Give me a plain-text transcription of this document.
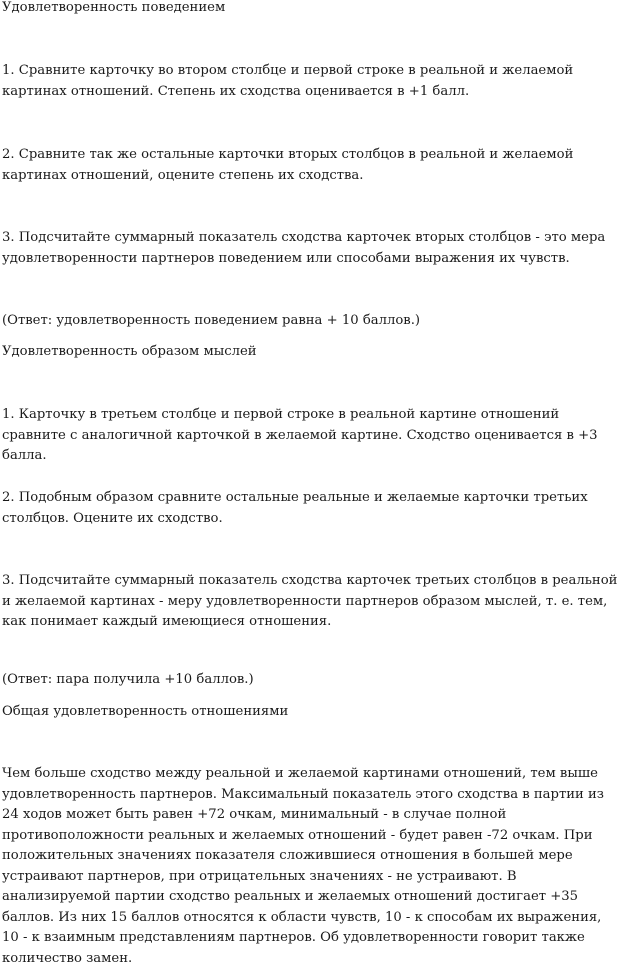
Удовлетворенность поведением

1. Сравните карточку во втором столбце и первой строке в реальной и желаемой картинах отношений. Степень их сходства оценивается в +1 балл.

2. Сравните так же остальные карточки вторых столбцов в реальной и желаемой картинах отношений, оцените степень их сходства.

3. Подсчитайте суммарный показатель сходства карточек вторых столбцов - это мера удовлетворенности партнеров поведением или способами выражения их чувств.

(Ответ: удовлетворенность поведением равна + 10 баллов.)

Удовлетворенность образом мыслей

1. Карточку в третьем столбце и первой строке в реальной картине отношений сравните с аналогичной карточкой в желаемой картине. Сходство оценивается в +3 балла.

2. Подобным образом сравните остальные реальные и желаемые карточки третьих столбцов. Оцените их сходство.

3. Подсчитайте суммарный показатель сходства карточек третьих столбцов в реальной и желаемой картинах - меру удовлетворенности партнеров образом мыслей, т. е. тем, как понимает каждый имеющиеся отношения.

(Ответ: пара получила +10 баллов.)

Общая удовлетворенность отношениями

Чем больше сходство между реальной и желаемой картинами отношений, тем выше удовлетворенность партнеров. Максимальный показатель этого сходства в партии из 24 ходов может быть равен +72 очкам, минимальный - в случае полной противоположности реальных и желаемых отношений - будет равен -72 очкам. При положительных значениях показателя сложившиеся отношения в большей мере устраивают партнеров, при отрицательных значениях - не устраивают. В анализируемой партии сходство реальных и желаемых отношений достигает +35 баллов. Из них 15 баллов относятся к области чувств, 10 - к способам их выражения, 10 - к взаимным представлениям партнеров. Об удовлетворенности говорит также количество замен.
